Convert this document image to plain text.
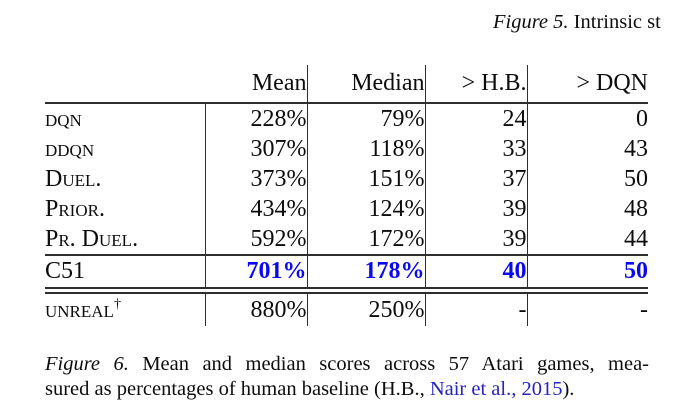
Figure 5. Intrinsic st
	Mean	Median	> H.B.	> DQN
dqn	228%	79%	24	0
ddqn	307%	118%	33	43
Duel.	373%	151%	37	50
Prior.	434%	124%	39	48
Pr. Duel.	592%	172%	39	44
C51	701%	178%	40	50

unreal†	880%	250%	-	-
Figure 6. Mean and median scores across 57 Atari games, mea-
sured as percentages of human baseline (H.B., Nair et al., 2015).
